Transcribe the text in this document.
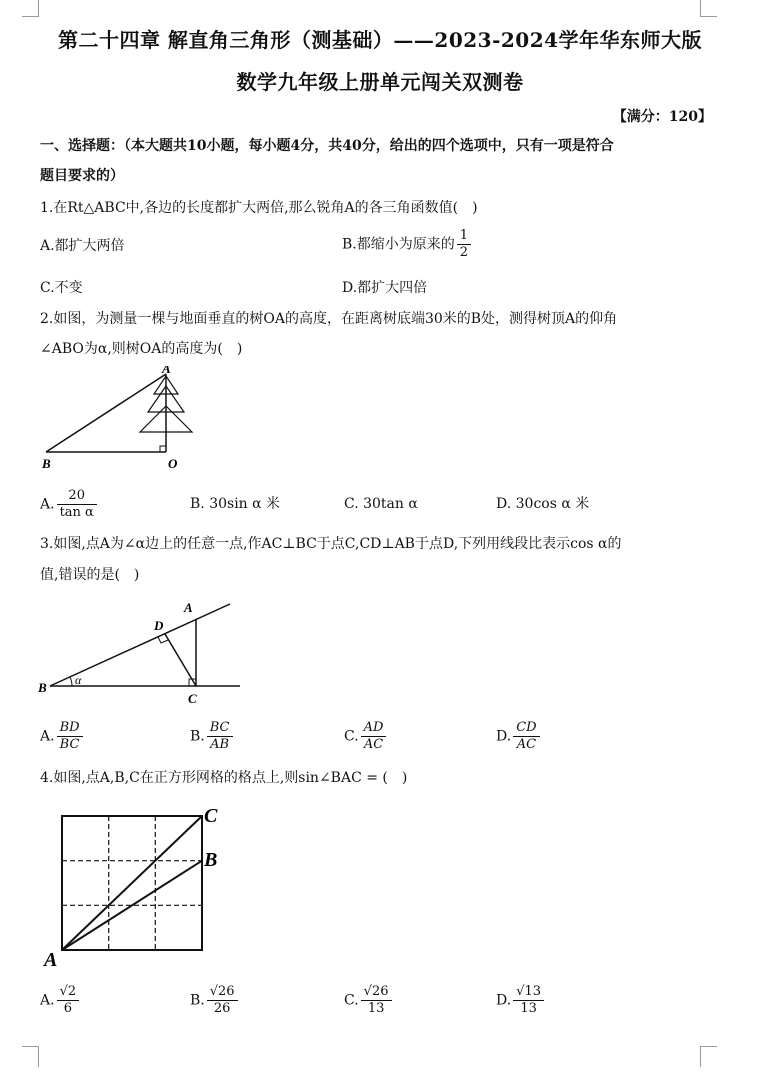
第二十四章 解直角三角形（测基础）——2023-2024学年华东师大版
数学九年级上册单元闯关双测卷
【满分：120】
一、选择题：（本大题共10小题，每小题4分，共40分，给出的四个选项中，只有一项是符合
题目要求的）
1.在Rt△ABC中,各边的长度都扩大两倍,那么锐角A的各三角函数值(　)
A.都扩大两倍	B.都缩小为原来的 $\frac{1}{2}$
C.不变	D.都扩大四倍
2.如图，为测量一棵与地面垂直的树OA的高度，在距离树底端30米的B处，测得树顶A的仰角
∠ABO为α,则树OA的高度为(　)
A
B	O
A. $\frac{20}{\text{tan α}}$	B. 30sin α 米	C. 30tan α	D. 30cos α 米
3.如图,点A为∠α边上的任意一点,作AC⊥BC于点C,CD⊥AB于点D,下列用线段比表示cos α的
值,错误的是(　)
α
A
B
C
D
A. $\frac{BD}{BC}$	B. $\frac{BC}{AB}$	C. $\frac{AD}{AC}$	D. $\frac{CD}{AC}$
4.如图,点A,B,C在正方形网格的格点上,则sin∠BAC = (　)
A
B
C
A. $\frac{√2}{6}$	B. $\frac{√26}{26}$	C. $\frac{√26}{13}$	D. $\frac{√13}{13}$
